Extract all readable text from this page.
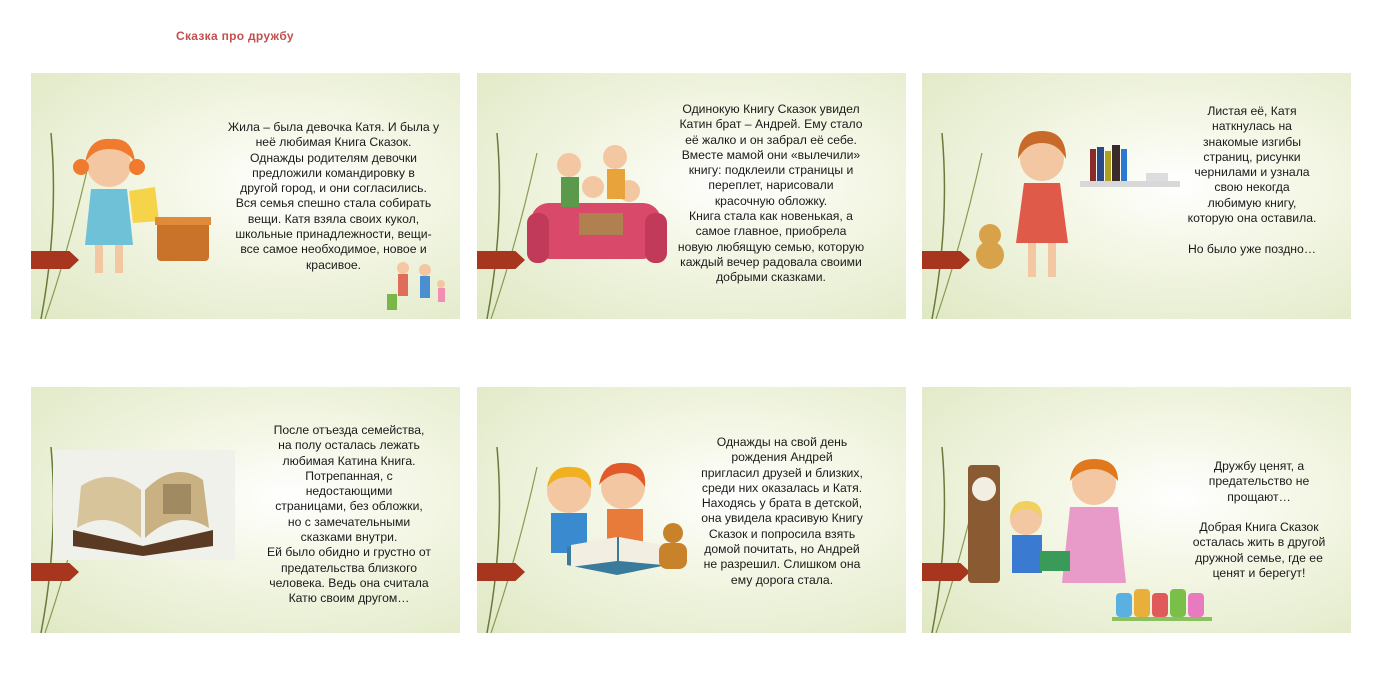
Сказка про дружбу
Жила – была девочка Катя. И была у
неё любимая Книга Сказок.
Однажды родителям девочки
предложили командировку в
другой город, и они согласились.
Вся семья спешно стала собирать
вещи. Катя взяла своих кукол,
школьные принадлежности, вещи-
все самое необходимое, новое и
красивое.
Одинокую Книгу Сказок увидел
Катин брат – Андрей. Ему стало
её жалко и он забрал её себе.
Вместе мамой они «вылечили»
книгу: подклеили страницы и
переплет, нарисовали
красочную обложку.
Книга стала как новенькая, а
самое главное, приобрела
новую любящую семью, которую
каждый вечер радовала своими
добрыми сказками.
Листая её, Катя
наткнулась на
знакомые изгибы
страниц, рисунки
чернилами и узнала
свою некогда
любимую книгу,
которую она оставила.

Но было уже поздно…
После отъезда семейства,
на полу осталась лежать
любимая Катина Книга.
Потрепанная, с
недостающими
страницами, без обложки,
но с замечательными
сказками внутри.
Ей было обидно и грустно от
предательства близкого
человека. Ведь она считала
Катю своим другом…
Однажды на свой день
рождения Андрей
пригласил друзей и близких,
среди них оказалась и Катя.
Находясь у брата в детской,
она увидела красивую Книгу
Сказок и попросила взять
домой почитать, но Андрей
не разрешил. Слишком она
ему дорога стала.
Дружбу ценят, а
предательство не
прощают…

Добрая Книга Сказок
осталась жить в другой
дружной семье, где ее
ценят и берегут!
